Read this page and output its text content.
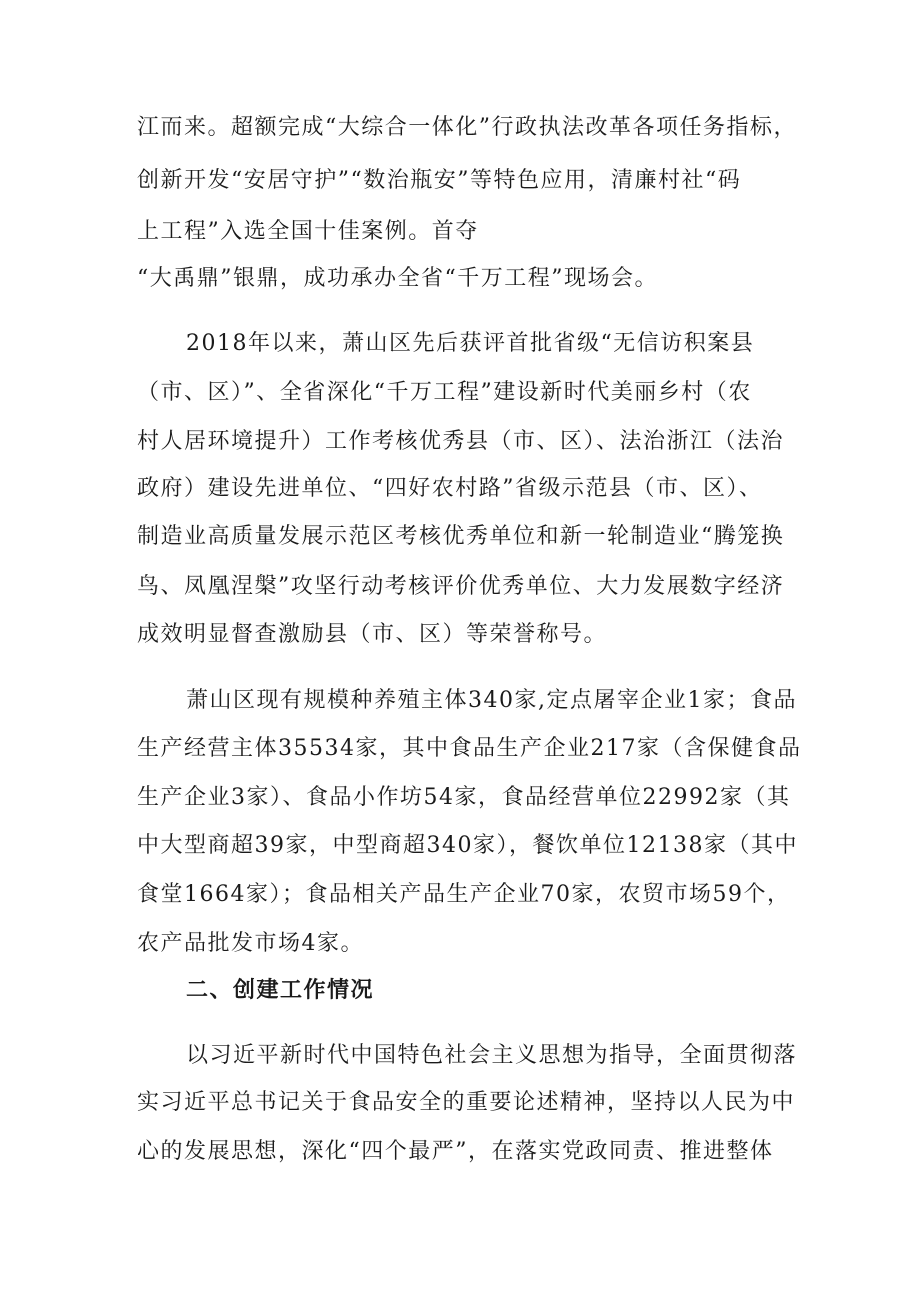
江而来。超额完成“大综合一体化”行政执法改革各项任务指标，
创新开发“安居守护”“数治瓶安”等特色应用，清廉村社“码
上工程”入选全国十佳案例。首夺
“大禹鼎”银鼎，成功承办全省“千万工程”现场会。
2018年以来，萧山区先后获评首批省级“无信访积案县
（市、区）”、全省深化“千万工程”建设新时代美丽乡村（农
村人居环境提升）工作考核优秀县（市、区）、法治浙江（法治
政府）建设先进单位、“四好农村路”省级示范县（市、区）、
制造业高质量发展示范区考核优秀单位和新一轮制造业“腾笼换
鸟、凤凰涅槃”攻坚行动考核评价优秀单位、大力发展数字经济
成效明显督查激励县（市、区）等荣誉称号。
萧山区现有规模种养殖主体340家,定点屠宰企业1家；食品
生产经营主体35534家，其中食品生产企业217家（含保健食品
生产企业3家）、食品小作坊54家，食品经营单位22992家（其
中大型商超39家，中型商超340家），餐饮单位12138家（其中
食堂1664家）；食品相关产品生产企业70家，农贸市场59个，
农产品批发市场4家。
二、创建工作情况
以习近平新时代中国特色社会主义思想为指导，全面贯彻落
实习近平总书记关于食品安全的重要论述精神，坚持以人民为中
心的发展思想，深化“四个最严”，在落实党政同责、推进整体
